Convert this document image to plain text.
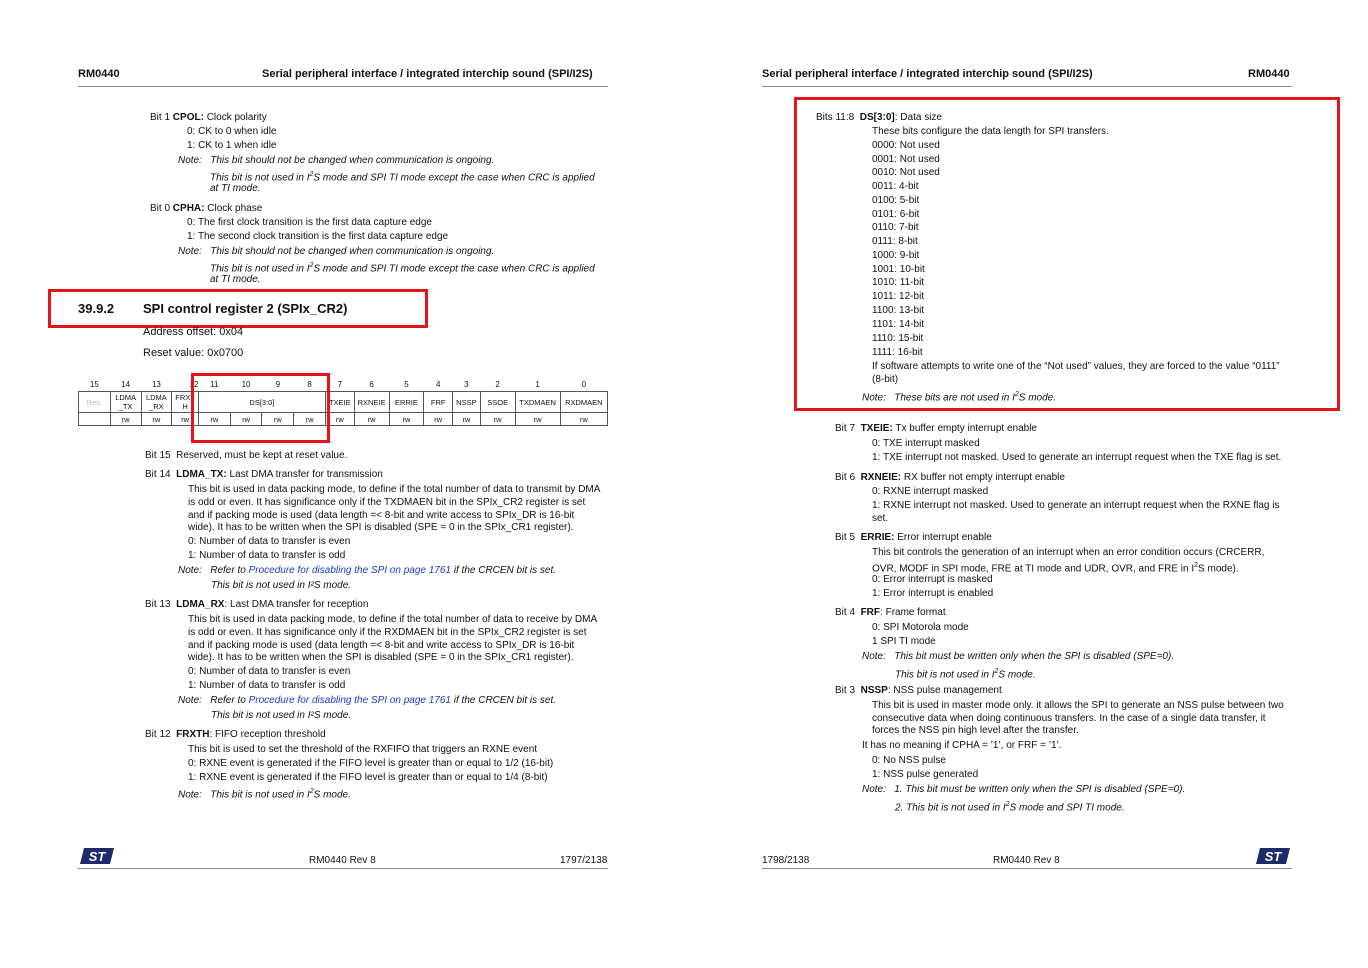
RM0440	Serial peripheral interface / integrated interchip sound (SPI/I2S)
Bit 1 CPOL: Clock polarity
0: CK to 0 when idle
1: CK to 1 when idle
Note: This bit should not be changed when communication is ongoing.
This bit is not used in $I^2S$ mode and SPI TI mode except the case when CRC is applied
at TI mode.
Bit 0 CPHA: Clock phase
0: The first clock transition is the first data capture edge
1: The second clock transition is the first data capture edge
Note: This bit should not be changed when communication is ongoing.
This bit is not used in $I^2S$ mode and SPI TI mode except the case when CRC is applied
at TI mode.
39.9.2 SPI control register 2 (SPIx_CR2)
Address offset: 0x04
Reset value: 0x0700
15	14	13	12	11	10	9	8	7	6	5	4	3	2	1	0
Res.	LDMA _TX	LDMA _RX	FRXT H	DS[3:0]				TXEIE	RXNEIE	ERRIE	FRF	NSSP	SSOE	TXDMAEN	RXDMAEN
	rw	rw	rw	rw	rw	rw	rw	rw	rw	rw	rw	rw	rw	rw	rw
Bit 15 Reserved, must be kept at reset value.
Bit 14 LDMA_TX: Last DMA transfer for transmission
This bit is used in data packing mode, to define if the total number of data to transmit by DMA
is odd or even. It has significance only if the TXDMAEN bit in the SPIx_CR2 register is set
and if packing mode is used (data length =< 8-bit and write access to SPIx_DR is 16-bit
wide). It has to be written when the SPI is disabled (SPE = 0 in the SPIx_CR1 register).
0: Number of data to transfer is even
1: Number of data to transfer is odd
Note: Refer to Procedure for disabling the SPI on page 1761 if the CRCEN bit is set.
This bit is not used in I²S mode.
Bit 13 LDMA_RX: Last DMA transfer for reception
This bit is used in data packing mode, to define if the total number of data to receive by DMA
is odd or even. It has significance only if the RXDMAEN bit in the SPIx_CR2 register is set
and if packing mode is used (data length =< 8-bit and write access to SPIx_DR is 16-bit
wide). It has to be written when the SPI is disabled (SPE = 0 in the SPIx_CR1 register).
0: Number of data to transfer is even
1: Number of data to transfer is odd
Note: Refer to Procedure for disabling the SPI on page 1761 if the CRCEN bit is set.
This bit is not used in I²S mode.
Bit 12 FRXTH: FIFO reception threshold
This bit is used to set the threshold of the RXFIFO that triggers an RXNE event
0: RXNE event is generated if the FIFO level is greater than or equal to 1/2 (16-bit)
1: RXNE event is generated if the FIFO level is greater than or equal to 1/4 (8-bit)
Note: This bit is not used in $I^2S$ mode.
ST	RM0440 Rev 8	1797/2138
Serial peripheral interface / integrated interchip sound (SPI/I2S)	RM0440
Bits 11:8 DS[3:0]: Data size
These bits configure the data length for SPI transfers.
0000: Not used
0001: Not used
0010: Not used
0011: 4-bit
0100: 5-bit
0101: 6-bit
0110: 7-bit
0111: 8-bit
1000: 9-bit
1001: 10-bit
1010: 11-bit
1011: 12-bit
1100: 13-bit
1101: 14-bit
1110: 15-bit
1111: 16-bit
If software attempts to write one of the “Not used” values, they are forced to the value “0111”
(8-bit)
Note: These bits are not used in $I^2S$ mode.
Bit 7 TXEIE: Tx buffer empty interrupt enable
0: TXE interrupt masked
1: TXE interrupt not masked. Used to generate an interrupt request when the TXE flag is set.
Bit 6 RXNEIE: RX buffer not empty interrupt enable
0: RXNE interrupt masked
1: RXNE interrupt not masked. Used to generate an interrupt request when the RXNE flag is
set.
Bit 5 ERRIE: Error interrupt enable
This bit controls the generation of an interrupt when an error condition occurs (CRCERR,
OVR, MODF in SPI mode, FRE at TI mode and UDR, OVR, and FRE in $I^2S$ mode).
0: Error interrupt is masked
1: Error interrupt is enabled
Bit 4 FRF: Frame format
0: SPI Motorola mode
1 SPI TI mode
Note: This bit must be written only when the SPI is disabled (SPE=0).
This bit is not used in $I^2S$ mode.
Bit 3 NSSP: NSS pulse management
This bit is used in master mode only. it allows the SPI to generate an NSS pulse between two
consecutive data when doing continuous transfers. In the case of a single data transfer, it
forces the NSS pin high level after the transfer.
It has no meaning if CPHA = ’1’, or FRF = ’1’.
0: No NSS pulse
1: NSS pulse generated
Note: 1. This bit must be written only when the SPI is disabled (SPE=0).
2. This bit is not used in $I^2S$ mode and SPI TI mode.
1798/2138	RM0440 Rev 8	ST
